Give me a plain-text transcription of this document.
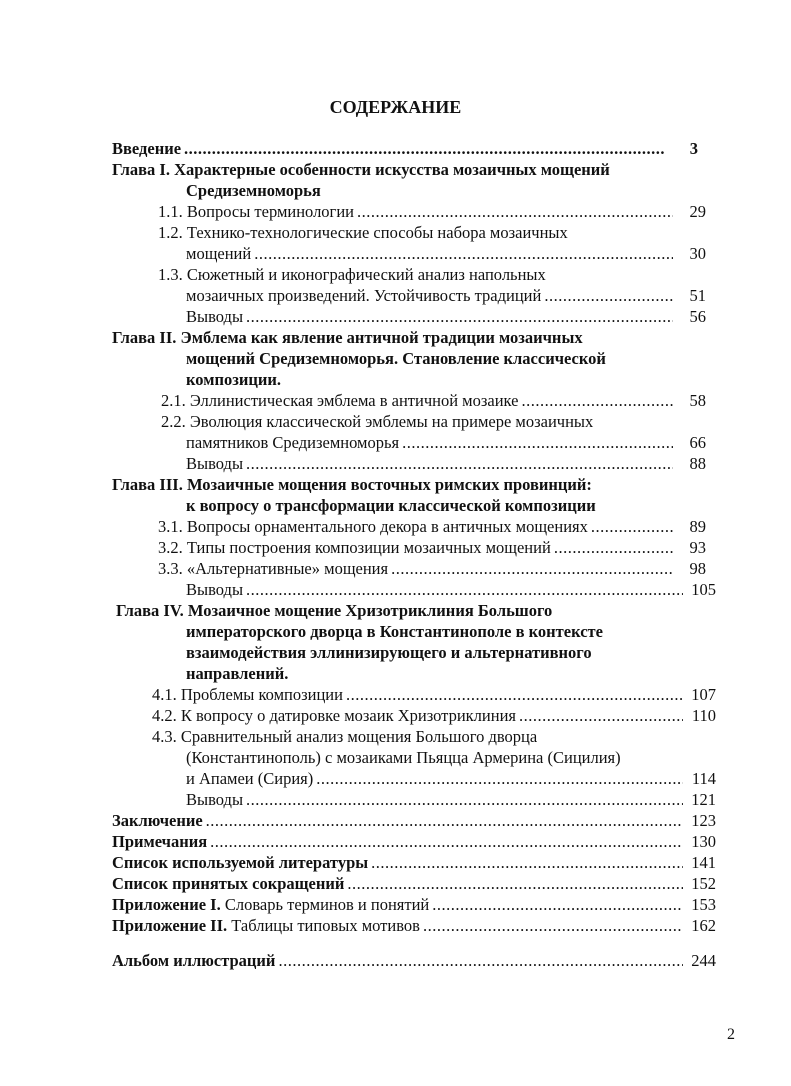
СОДЕРЖАНИЕ
Введение .....	3
Глава I. Характерные особенности искусства мозаичных мощений
Средиземноморья
1.1. Вопросы терминологии .....	29
1.2. Технико-технологические способы набора мозаичных
мощений .....	30
1.3. Сюжетный и иконографический анализ напольных
мозаичных произведений. Устойчивость традиций .....	51
Выводы .....	56
Глава II. Эмблема как явление античной традиции мозаичных
мощений Средиземноморья. Становление классической
композиции.
2.1. Эллинистическая эмблема в античной мозаике .....	58
2.2. Эволюция классической эмблемы на примере мозаичных
памятников Средиземноморья .....	66
Выводы .....	88
Глава III. Мозаичные мощения восточных римских провинций:
к вопросу о трансформации классической композиции
3.1. Вопросы орнаментального декора в античных мощениях .....	89
3.2. Типы построения композиции мозаичных мощений .....	93
3.3. «Альтернативные» мощения .....	98
Выводы .....	105
Глава IV. Мозаичное мощение Хризотриклиния Большого
императорского дворца в Константинополе в контексте
взаимодействия эллинизирующего и альтернативного
направлений.
4.1. Проблемы композиции .....	107
4.2. К вопросу о датировке мозаик Хризотриклиния .....	110
4.3. Сравнительный анализ мощения Большого дворца
(Константинополь) с мозаиками Пьяцца Армерина (Сицилия)
и Апамеи (Сирия) .....	114
Выводы .....	121
Заключение .....	123
Примечания .....	130
Список используемой литературы .....	141
Список принятых сокращений .....	152
Приложение I. Словарь терминов и понятий .....	153
Приложение II. Таблицы типовых мотивов .....	162
Альбом иллюстраций .....	244
2
